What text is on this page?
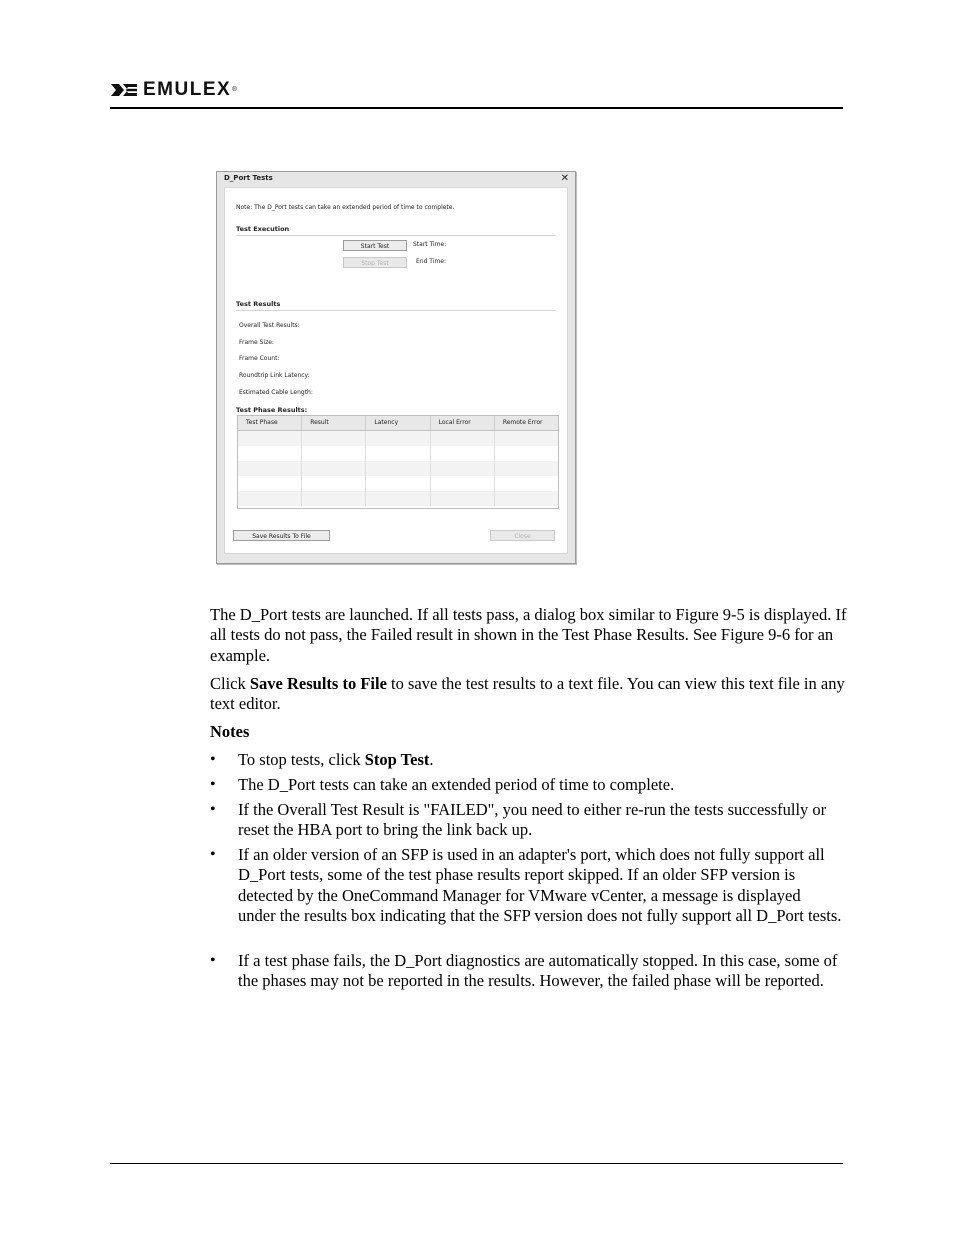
EMULEX ®
D_Port Tests	✕
Note: The D_Port tests can take an extended period of time to complete.
Test Execution
Start Test	Start Time:
Stop Test	End Time:
Test Results
Overall Test Results:
Frame Size:
Frame Count:
Roundtrip Link Latency:
Estimated Cable Length:
Test Phase Results:
Test Phase	Result	Latency	Local Error	Remote Error
Save Results To File	Close
The D_Port tests are launched. If all tests pass, a dialog box similar to Figure 9-5 is displayed. If all tests do not pass, the Failed result in shown in the Test Phase Results. See Figure 9-6 for an example.
Click Save Results to File to save the test results to a text file. You can view this text file in any text editor.
Notes
• To stop tests, click Stop Test.
• The D_Port tests can take an extended period of time to complete.
• If the Overall Test Result is "FAILED", you need to either re-run the tests successfully or reset the HBA port to bring the link back up.
• If an older version of an SFP is used in an adapter's port, which does not fully support all D_Port tests, some of the test phase results report skipped. If an older SFP version is detected by the OneCommand Manager for VMware vCenter, a message is displayed under the results box indicating that the SFP version does not fully support all D_Port tests.
• If a test phase fails, the D_Port diagnostics are automatically stopped. In this case, some of the phases may not be reported in the results. However, the failed phase will be reported.
